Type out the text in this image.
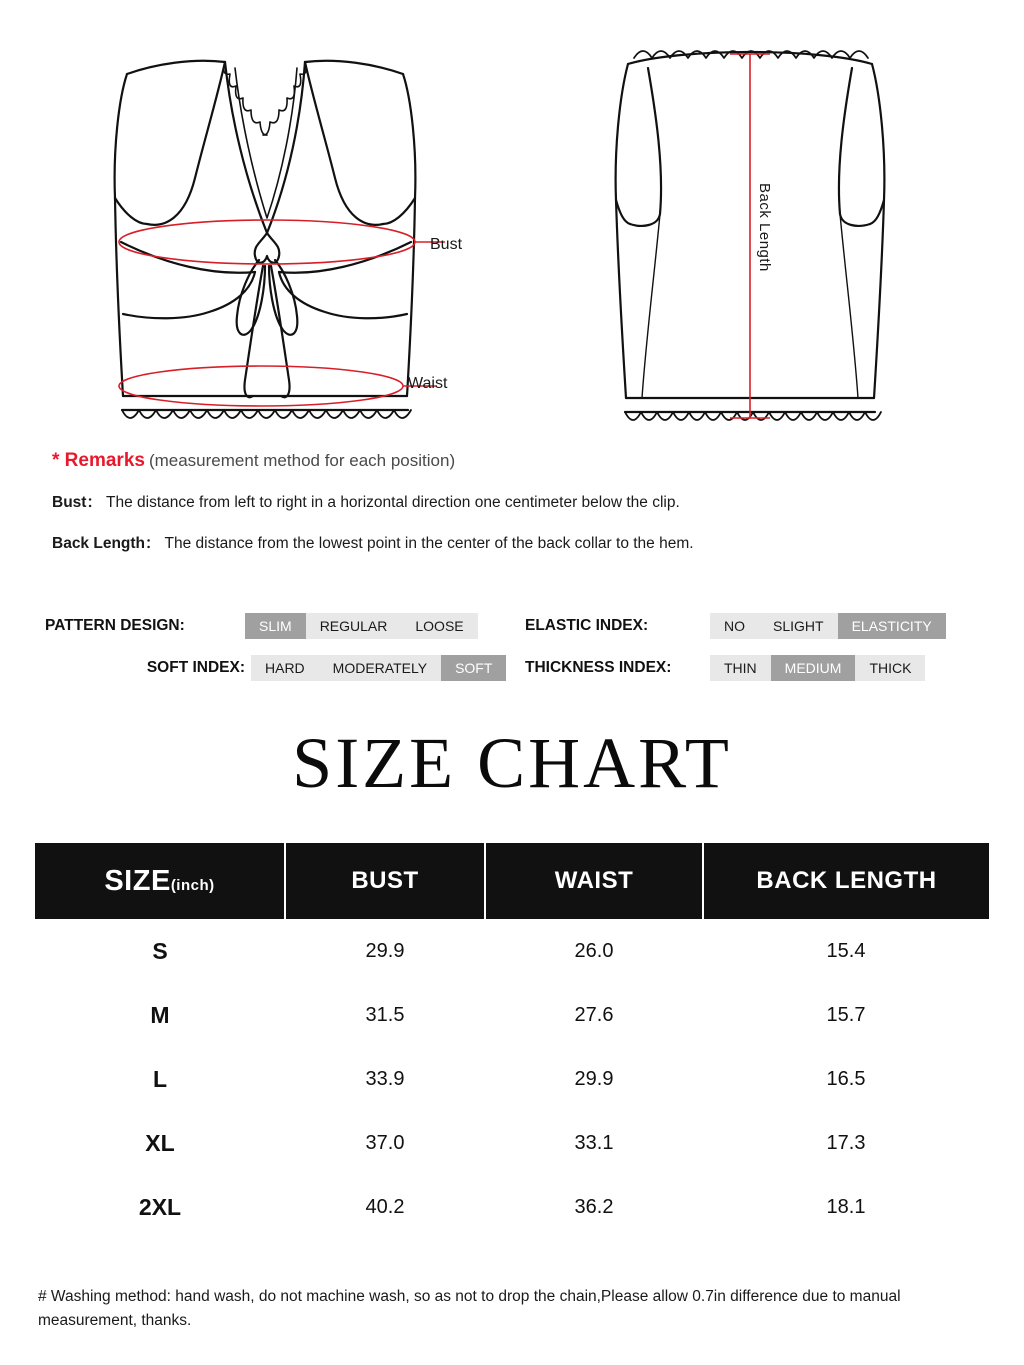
Bust
Waist
Back Length
* Remarks (measurement method for each position)
Bust： The distance from left to right in a horizontal direction one centimeter below the clip.
Back Length： The distance from the lowest point in the center of the back collar to the hem.
PATTERN DESIGN:	SLIM	REGULAR	LOOSE	ELASTIC INDEX:	NO	SLIGHT	ELASTICITY
SOFT INDEX:	HARD	MODERATELY	SOFT	THICKNESS INDEX:	THIN	MEDIUM	THICK
SIZE CHART
SIZE(inch)	BUST	WAIST	BACK LENGTH
S	29.9	26.0	15.4
M	31.5	27.6	15.7
L	33.9	29.9	16.5
XL	37.0	33.1	17.3
2XL	40.2	36.2	18.1
# Washing method: hand wash, do not machine wash, so as not to drop the chain,Please allow 0.7in difference due to manual measurement, thanks.
